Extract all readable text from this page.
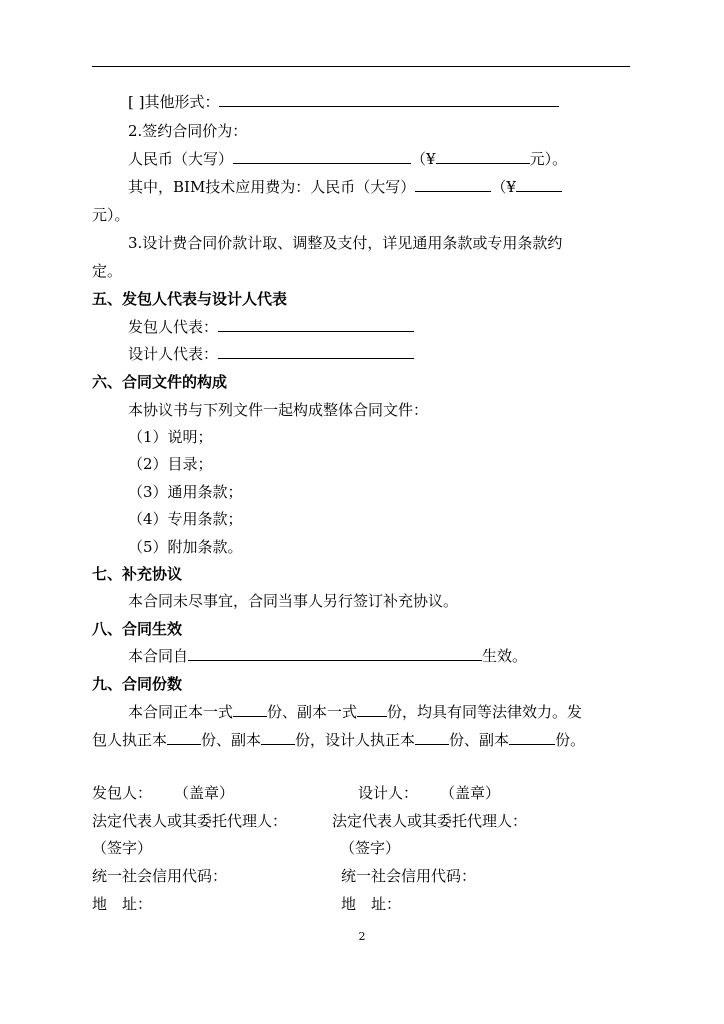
[ ]其他形式：
2.签约合同价为：
人民币（大写）	（¥	元）。
其中，BIM技术应用费为：人民币（大写）	（¥
元）。
3.设计费合同价款计取、调整及支付，详见通用条款或专用条款约
定。
五、发包人代表与设计人代表
发包人代表：
设计人代表：
六、合同文件的构成
本协议书与下列文件一起构成整体合同文件：
（1）说明；
（2）目录；
（3）通用条款；
（4）专用条款；
（5）附加条款。
七、补充协议
本合同未尽事宜，合同当事人另行签订补充协议。
八、合同生效
本合同自	生效。
九、合同份数
本合同正本一式 份、副本一式 份，均具有同等法律效力。发
包人执正本 份、副本 份，设计人执正本 份、副本	份。
发包人： （盖章）	设计人： （盖章）
法定代表人或其委托代理人：	法定代表人或其委托代理人：
（签字）	（签字）
统一社会信用代码：	统一社会信用代码：
地　址：	地　址：
2
